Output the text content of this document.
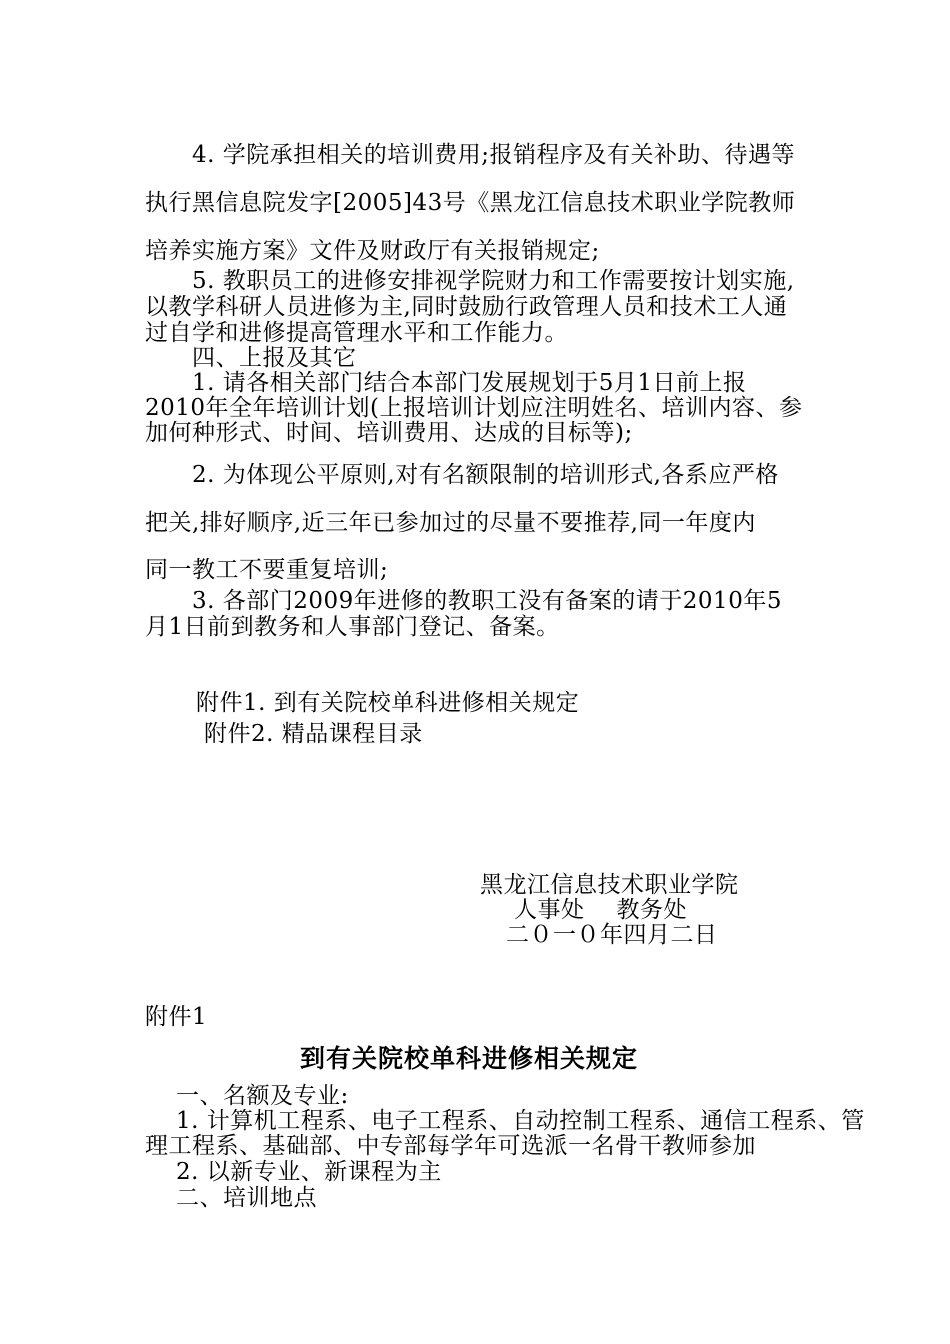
4. 学院承担相关的培训费用;报销程序及有关补助、待遇等
执行黑信息院发字[2005]43号《黑龙江信息技术职业学院教师
培养实施方案》文件及财政厅有关报销规定;
5. 教职员工的进修安排视学院财力和工作需要按计划实施,
以教学科研人员进修为主,同时鼓励行政管理人员和技术工人通
过自学和进修提高管理水平和工作能力。
四、上报及其它
1. 请各相关部门结合本部门发展规划于5月1日前上报
2010年全年培训计划(上报培训计划应注明姓名、培训内容、参
加何种形式、时间、培训费用、达成的目标等);
2. 为体现公平原则,对有名额限制的培训形式,各系应严格
把关,排好顺序,近三年已参加过的尽量不要推荐,同一年度内
同一教工不要重复培训;
3. 各部门2009年进修的教职工没有备案的请于2010年5
月1日前到教务和人事部门登记、备案。
附件1. 到有关院校单科进修相关规定
附件2. 精品课程目录
黑龙江信息技术职业学院
人事处 教务处
二０一０年四月二日
附件1
到有关院校单科进修相关规定
一、名额及专业:
1. 计算机工程系、电子工程系、自动控制工程系、通信工程系、管
理工程系、基础部、中专部每学年可选派一名骨干教师参加
2. 以新专业、新课程为主
二、培训地点
